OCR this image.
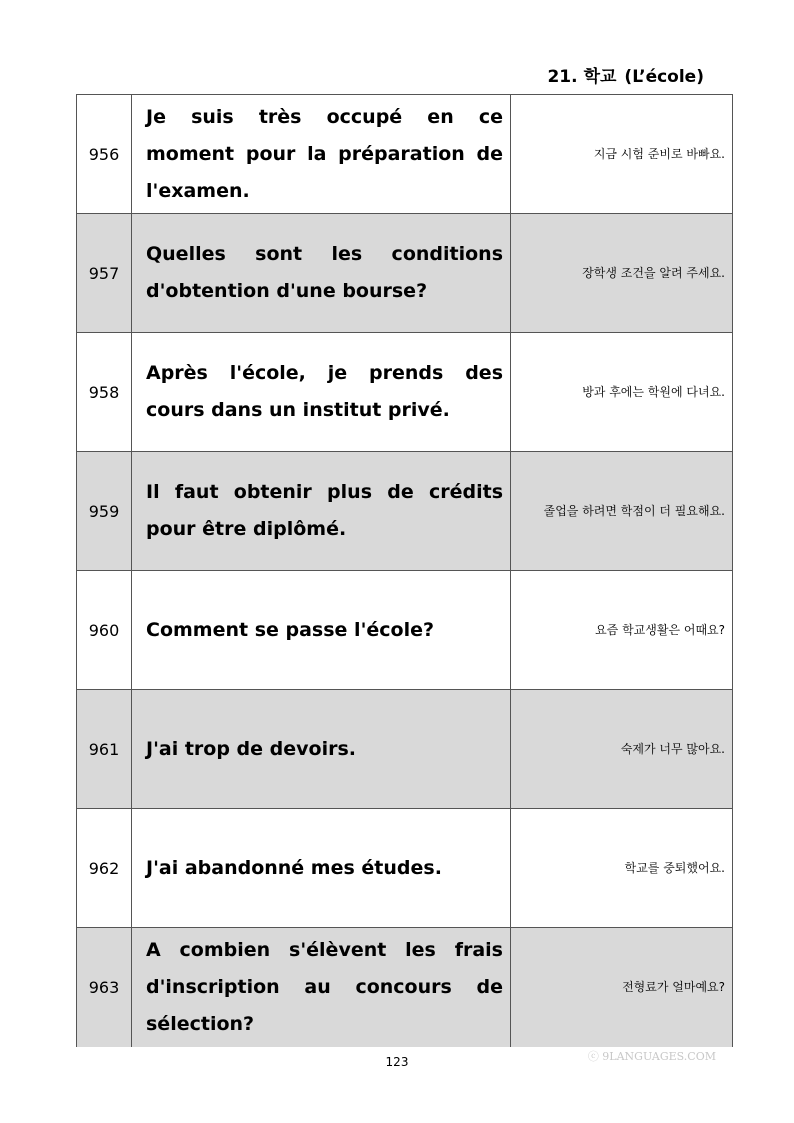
21. 학교 (L’école)
956	Je suis très occupé en ce moment pour la préparation de l'examen.	지금 시험 준비로 바빠요.
957	Quelles sont les conditions d'obtention d'une bourse?	장학생 조건을 알려 주세요.
958	Après l'école, je prends des cours dans un institut privé.	방과 후에는 학원에 다녀요.
959	Il faut obtenir plus de crédits pour être diplômé.	졸업을 하려면 학점이 더 필요해요.
960	Comment se passe l'école?	요즘 학교생활은 어때요?
961	J'ai trop de devoirs.	숙제가 너무 많아요.
962	J'ai abandonné mes études.	학교를 중퇴했어요.
963	A combien s'élèvent les frais d'inscription au concours de sélection?	전형료가 얼마예요?
123	ⓒ 9LANGUAGES.COM
